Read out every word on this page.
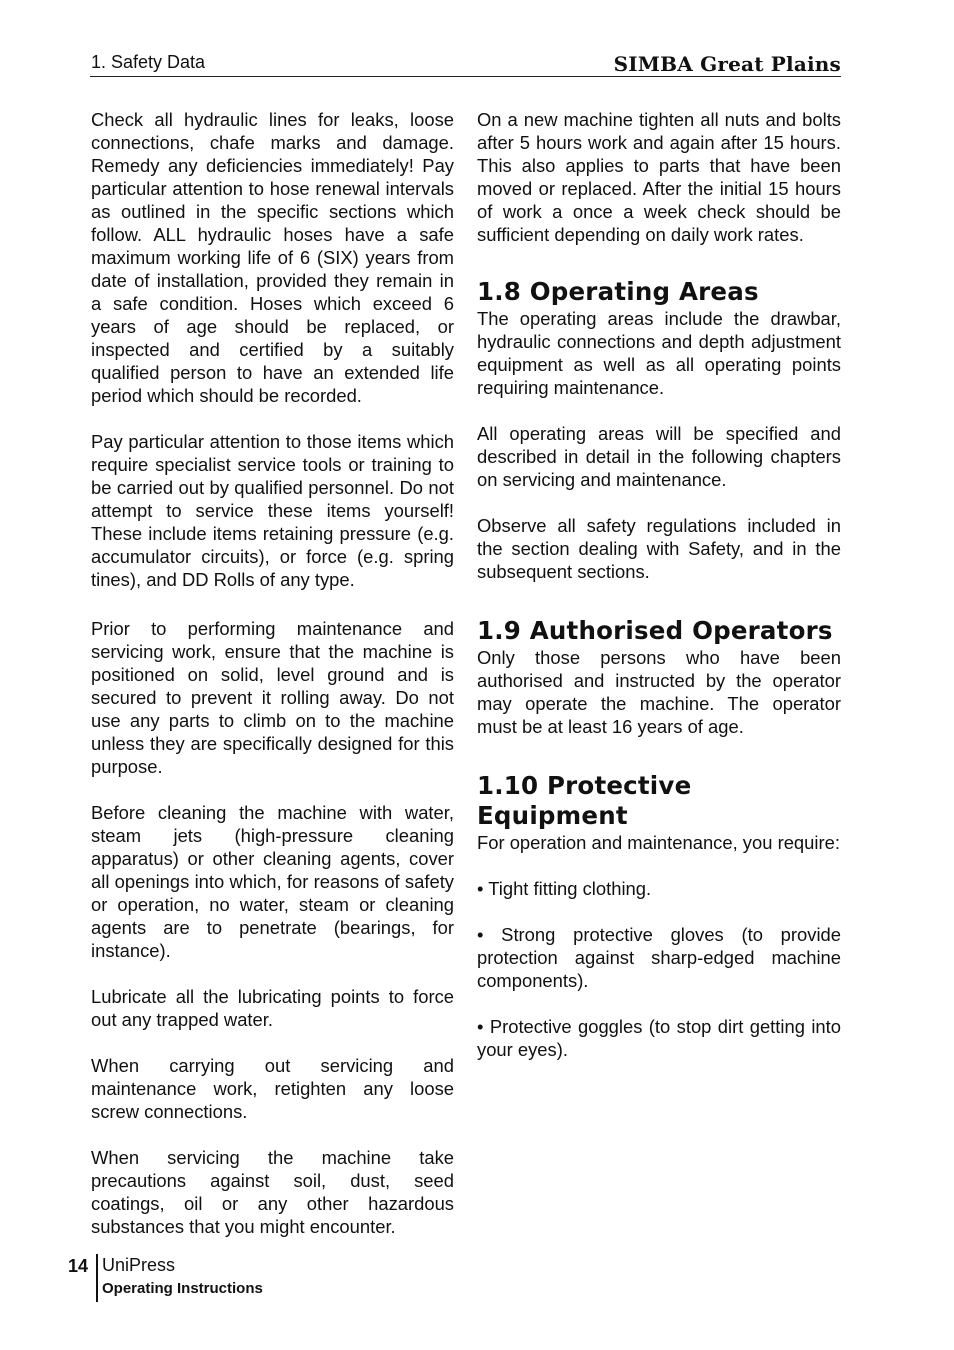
1. Safety Data	SIMBA Great Plains

Check all hydraulic lines for leaks, loose connections, chafe marks and damage. Remedy any deficiencies immediately! Pay particular attention to hose renewal intervals as outlined in the specific sections which follow. ALL hydraulic hoses have a safe maximum working life of 6 (SIX) years from date of installation, provided they remain in a safe condition. Hoses which exceed 6 years of age should be replaced, or inspected and certified by a suitably qualified person to have an extended life period which should be recorded.

Pay particular attention to those items which require specialist service tools or training to be carried out by qualified personnel. Do not attempt to service these items yourself! These include items retaining pressure (e.g. accumulator circuits), or force (e.g. spring tines), and DD Rolls of any type.

Prior to performing maintenance and servicing work, ensure that the machine is positioned on solid, level ground and is secured to prevent it rolling away. Do not use any parts to climb on to the machine unless they are specifically designed for this purpose.

Before cleaning the machine with water, steam jets (high-pressure cleaning apparatus) or other cleaning agents, cover all openings into which, for reasons of safety or operation, no water, steam or cleaning agents are to penetrate (bearings, for instance).

Lubricate all the lubricating points to force out any trapped water.

When carrying out servicing and maintenance work, retighten any loose screw connections.

When servicing the machine take precautions against soil, dust, seed coatings, oil or any other hazardous substances that you might encounter.

On a new machine tighten all nuts and bolts after 5 hours work and again after 15 hours. This also applies to parts that have been moved or replaced. After the initial 15 hours of work a once a week check should be sufficient depending on daily work rates.

1.8 Operating Areas

The operating areas include the drawbar, hydraulic connections and depth adjustment equipment as well as all operating points requiring maintenance.

All operating areas will be specified and described in detail in the following chapters on servicing and maintenance.

Observe all safety regulations included in the section dealing with Safety, and in the subsequent sections.

1.9 Authorised Operators

Only those persons who have been authorised and instructed by the operator may operate the machine. The operator must be at least 16 years of age.

1.10 Protective
Equipment

For operation and maintenance, you require:

• Tight fitting clothing.

• Strong protective gloves (to provide protection against sharp-edged machine components).

• Protective goggles (to stop dirt getting into your eyes).

14 UniPress
Operating Instructions
